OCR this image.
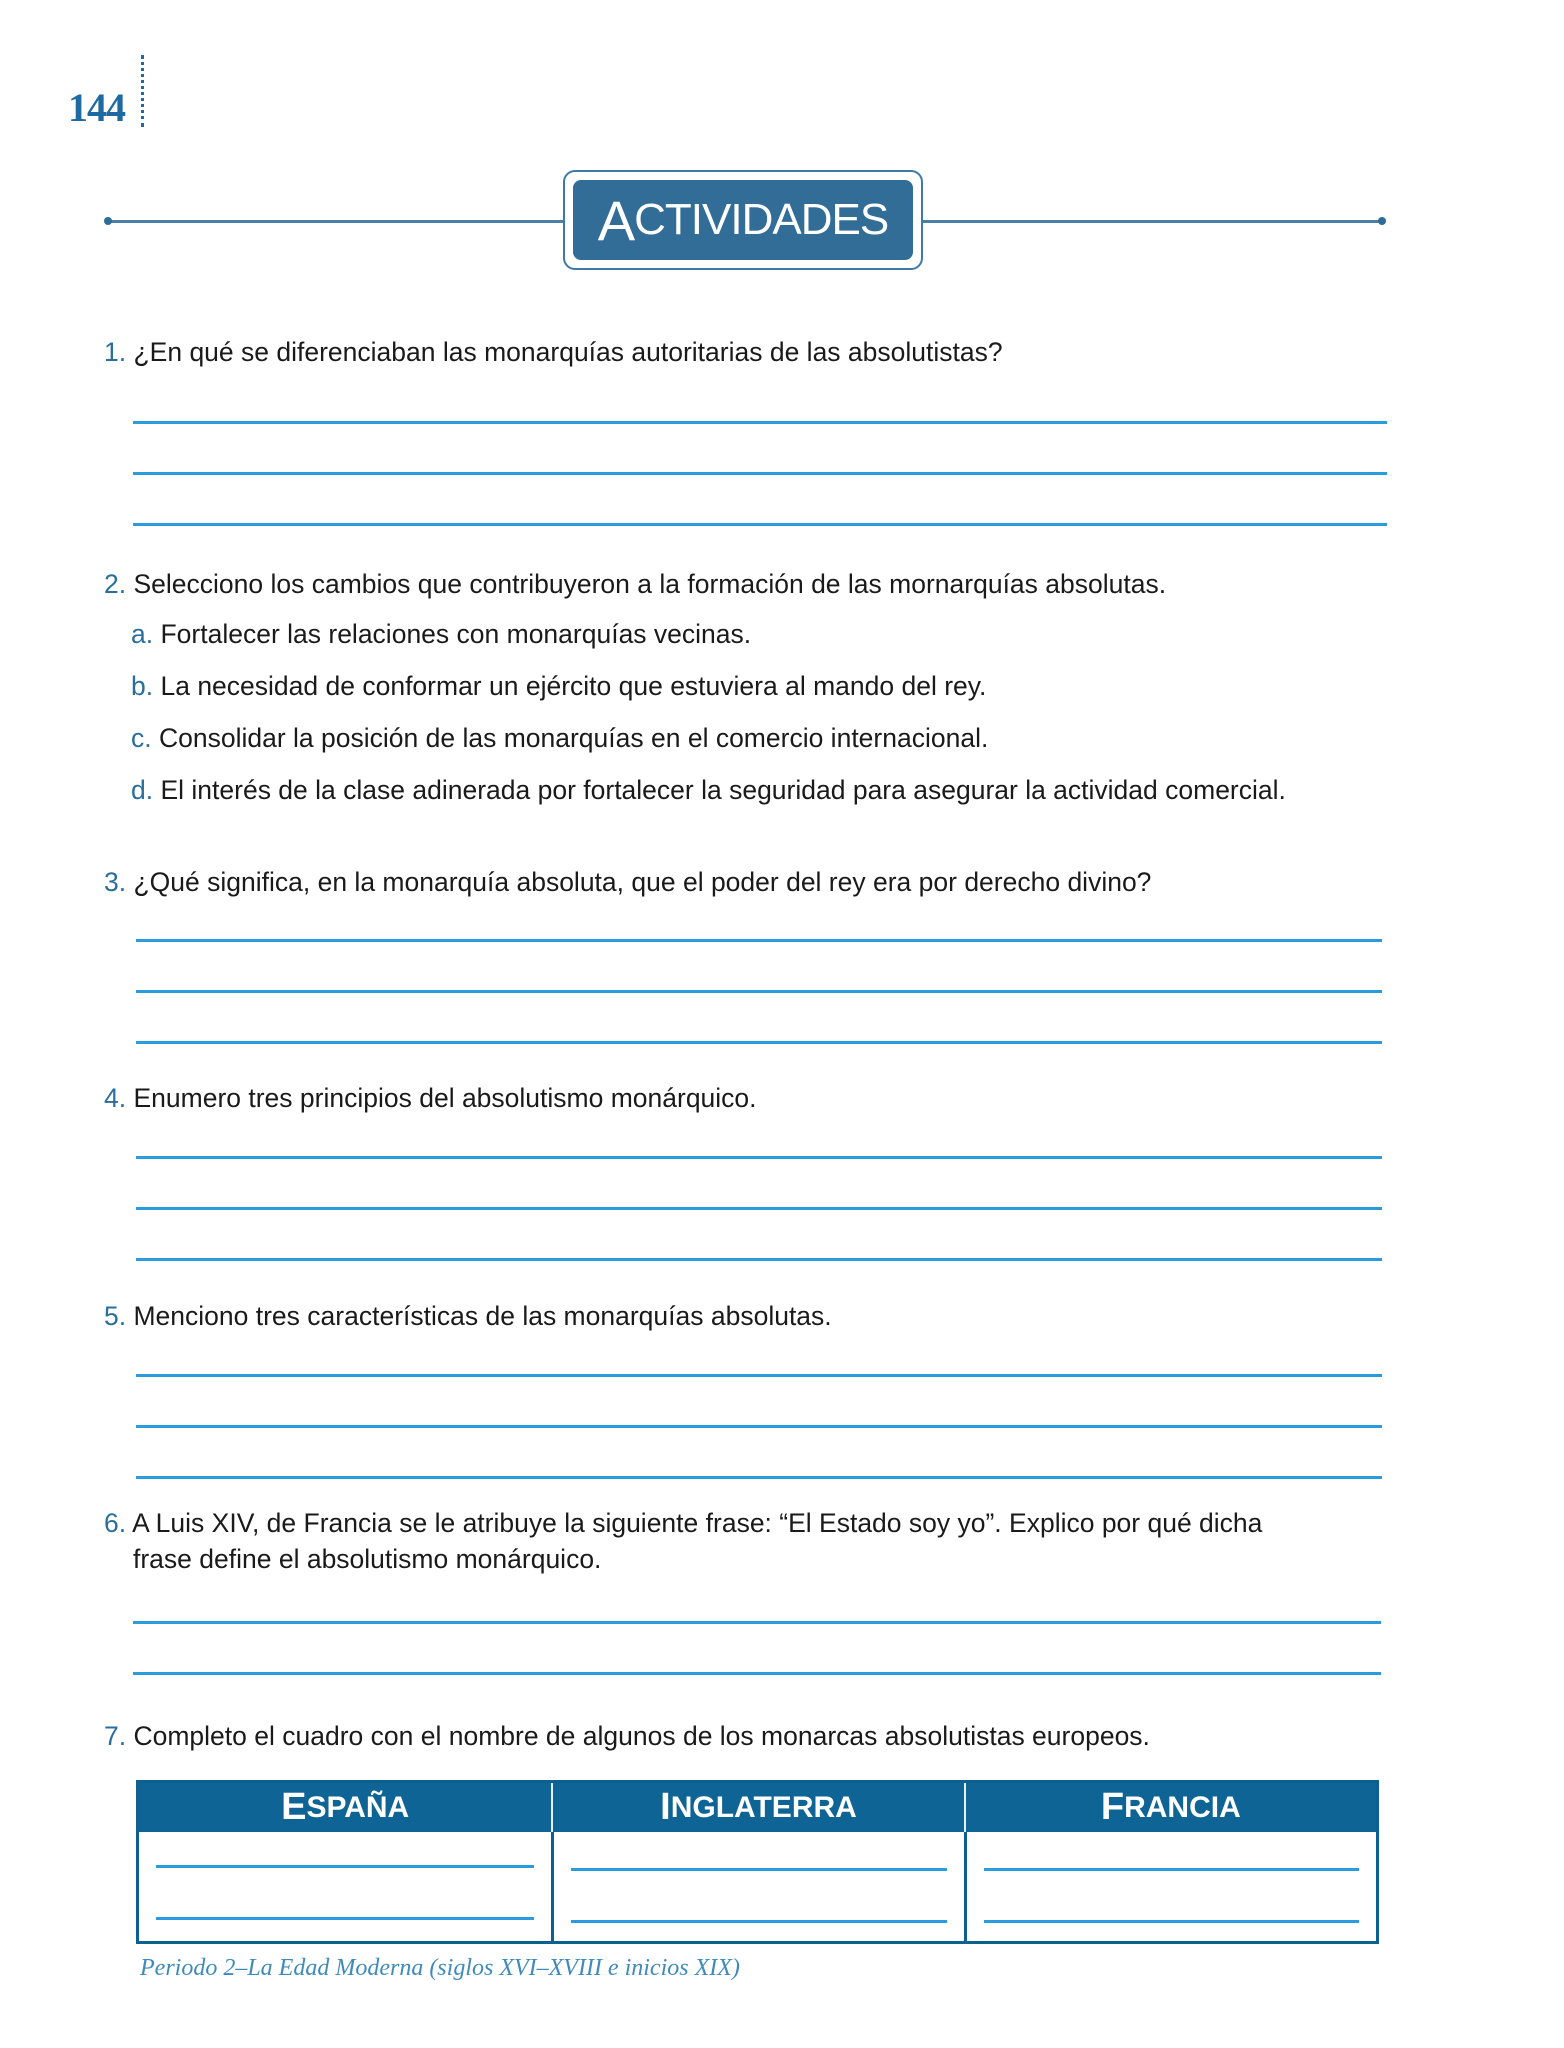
144
A CTIVIDADES
1. ¿En qué se diferenciaban las monarquías autoritarias de las absolutistas?
2. Selecciono los cambios que contribuyeron a la formación de las mornarquías absolutas.
a. Fortalecer las relaciones con monarquías vecinas.
b. La necesidad de conformar un ejército que estuviera al mando del rey.
c. Consolidar la posición de las monarquías en el comercio internacional.
d. El interés de la clase adinerada por fortalecer la seguridad para asegurar la actividad comercial.
3. ¿Qué significa, en la monarquía absoluta, que el poder del rey era por derecho divino?
4. Enumero tres principios del absolutismo monárquico.
5. Menciono tres características de las monarquías absolutas.
6. A Luis XIV, de Francia se le atribuye la siguiente frase: “El Estado soy yo”. Explico por qué dicha
frase define el absolutismo monárquico.
7. Completo el cuadro con el nombre de algunos de los monarcas absolutistas europeos.
E SPAÑA	I NGLATERRA	F RANCIA
Periodo 2–La Edad Moderna (siglos XVI–XVIII e inicios XIX)
